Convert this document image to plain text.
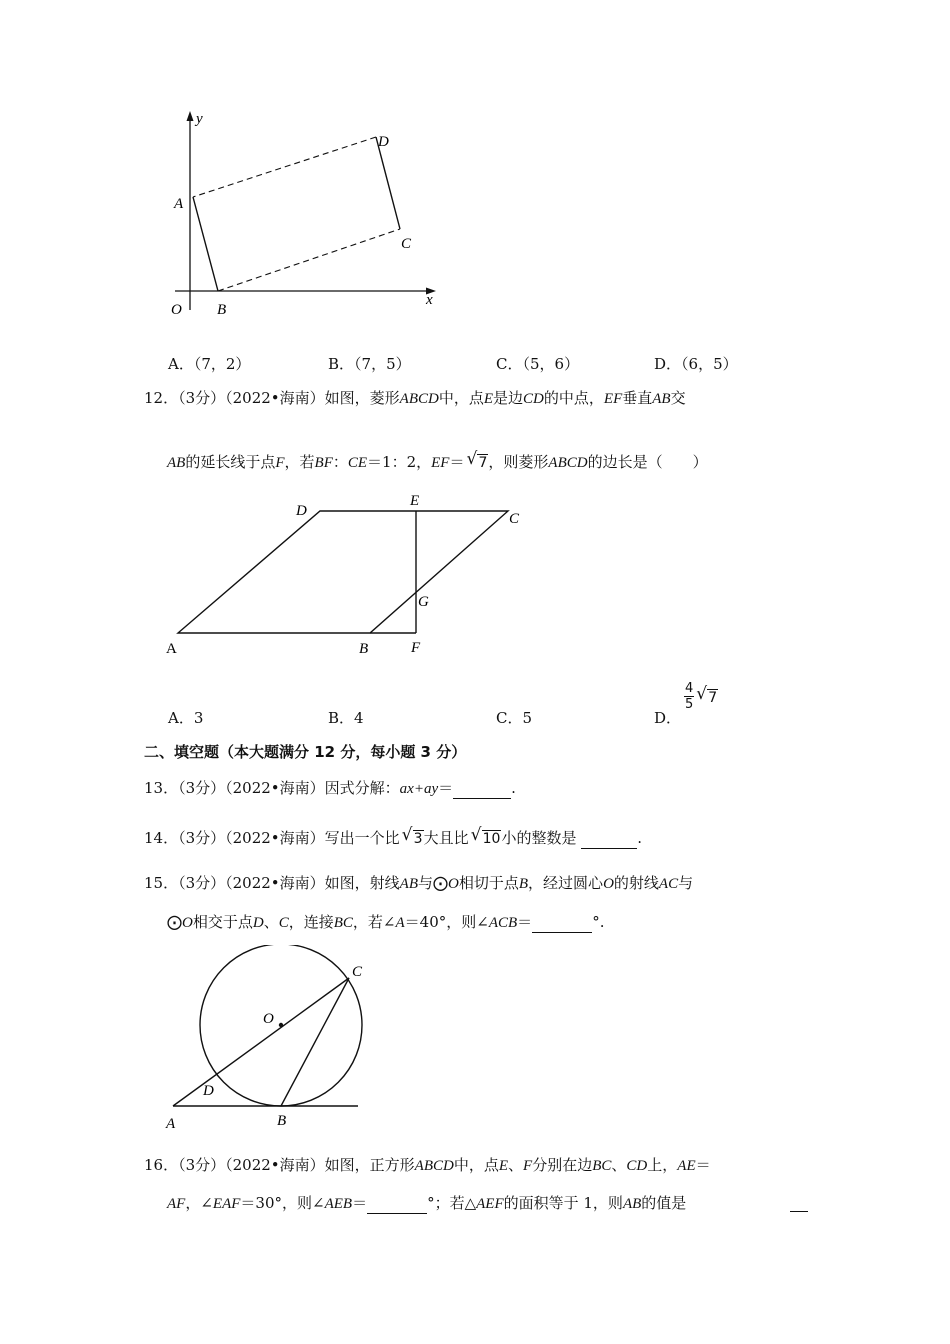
y
x
O
A
B
C
D
A．（7，2）	B．（7，5）	C．（5，6）	D．（6，5）
12．（3分）（2022•海南）如图，菱形ABCD中，点E是边CD的中点，EF垂直AB交
AB的延长线于点F，若BF：CE＝1：2，EF＝ √ 7，则菱形ABCD的边长是（　　）
D
E
C
G
A	B	F
A．3	B．4	C．5	D．
$\frac{4}{5}$ √ 7
二、填空题（本大题满分 12 分，每小题 3 分）
13．（3分）（2022•海南）因式分解：ax+ay＝	.
14．（3分）（2022•海南）写出一个比 √ 3大且比 √ 10小的整数是	.
15．（3分）（2022•海南）如图，射线AB与⨀O相切于点B，经过圆心O的射线AC与
⨀O相交于点D、C，连接BC，若∠A＝40°，则∠ACB＝	°.
C
O
D
A	B
16．（3分）（2022•海南）如图，正方形ABCD中，点E、F分别在边BC、CD上，AE＝
AF，∠EAF＝30°，则∠AEB＝	°；若△AEF的面积等于 1，则AB的值是
